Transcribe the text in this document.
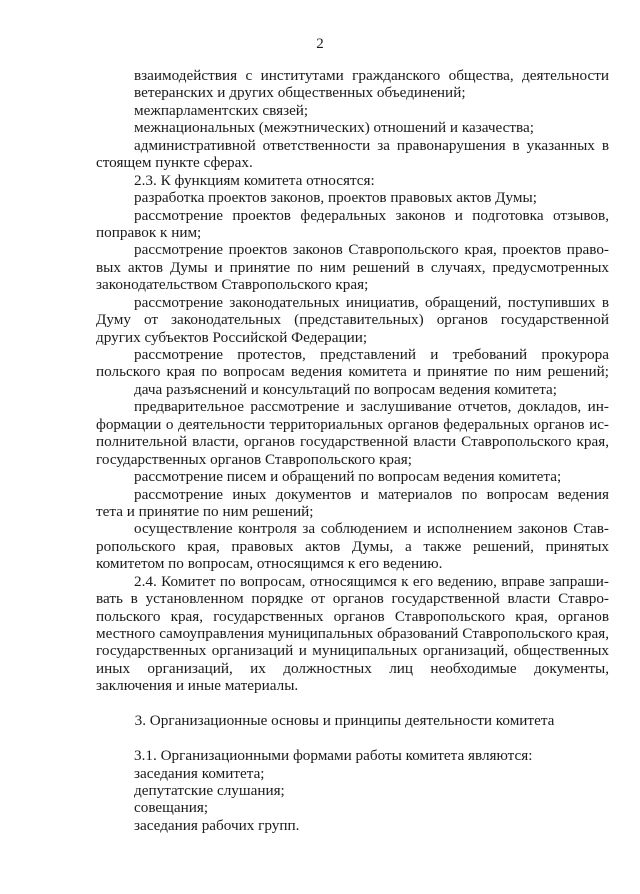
2
взаимодействия с институтами гражданского общества, деятельности
ветеранских и других общественных объединений;
межпарламентских связей;
межнациональных (межэтнических) отношений и казачества;
административной ответственности за правонарушения в указанных в
стоящем пункте сферах.
2.3. К функциям комитета относятся:
разработка проектов законов, проектов правовых актов Думы;
рассмотрение проектов федеральных законов и подготовка отзывов,
поправок к ним;
рассмотрение проектов законов Ставропольского края, проектов право-
вых актов Думы и принятие по ним решений в случаях, предусмотренных
законодательством Ставропольского края;
рассмотрение законодательных инициатив, обращений, поступивших в
Думу от законодательных (представительных) органов государственной
других субъектов Российской Федерации;
рассмотрение протестов, представлений и требований прокурора
польского края по вопросам ведения комитета и принятие по ним решений;
дача разъяснений и консультаций по вопросам ведения комитета;
предварительное рассмотрение и заслушивание отчетов, докладов, ин-
формации о деятельности территориальных органов федеральных органов ис-
полнительной власти, органов государственной власти Ставропольского края,
государственных органов Ставропольского края;
рассмотрение писем и обращений по вопросам ведения комитета;
рассмотрение иных документов и материалов по вопросам ведения
тета и принятие по ним решений;
осуществление контроля за соблюдением и исполнением законов Став-
ропольского края, правовых актов Думы, а также решений, принятых
комитетом по вопросам, относящимся к его ведению.
2.4. Комитет по вопросам, относящимся к его ведению, вправе запраши-
вать в установленном порядке от органов государственной власти Ставро-
польского края, государственных органов Ставропольского края, органов
местного самоуправления муниципальных образований Ставропольского края,
государственных организаций и муниципальных организаций, общественных
иных организаций, их должностных лиц необходимые документы,
заключения и иные материалы.
3. Организационные основы и принципы деятельности комитета
3.1. Организационными формами работы комитета являются:
заседания комитета;
депутатские слушания;
совещания;
заседания рабочих групп.
